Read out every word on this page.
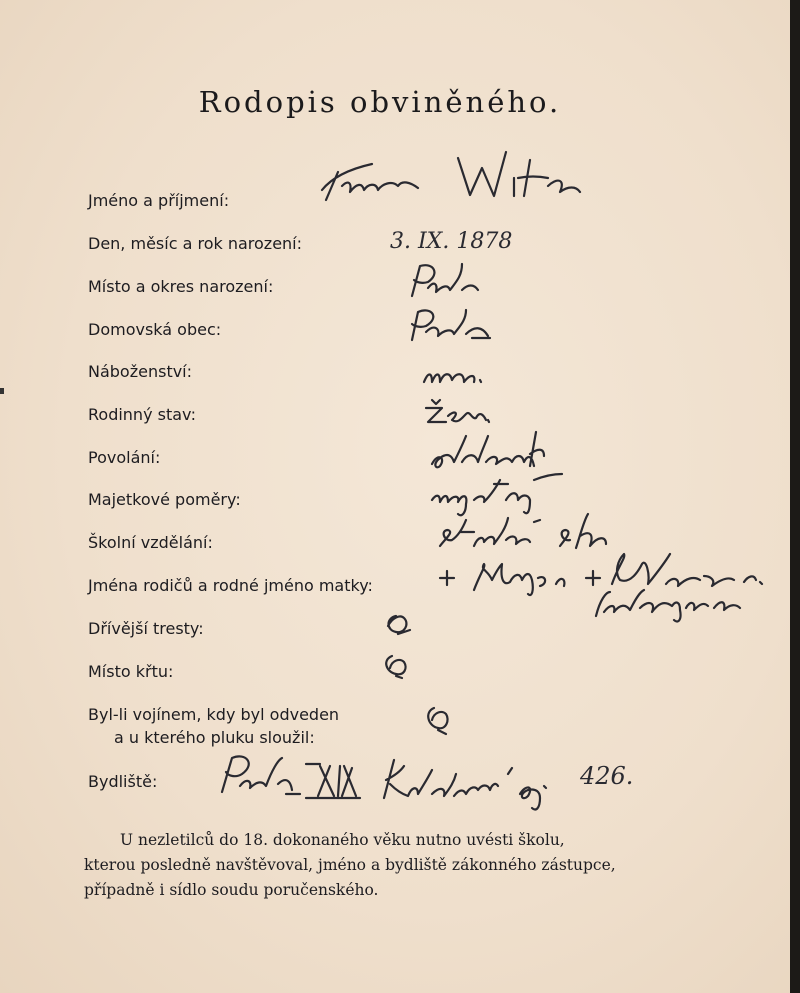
Rodopis obviněného.
Jméno a příjmení:
Den, měsíc a rok narození:
Místo a okres narození:
Domovská obec:
Náboženství:
Rodinný stav:
Povolání:
Majetkové poměry:
Školní vzdělání:
Jména rodičů a rodné jméno matky:
Dřívější tresty:
Místo křtu:
Byl-li vojínem, kdy byl odveden
a u kterého pluku sloužil:
Bydliště:
U nezletilců do 18. dokonaného věku nutno uvésti školu,
kterou posledně navštěvoval, jméno a bydliště zákonného zástupce,
případně i sídlo soudu poručenského.
3. IX. 1878
426.
